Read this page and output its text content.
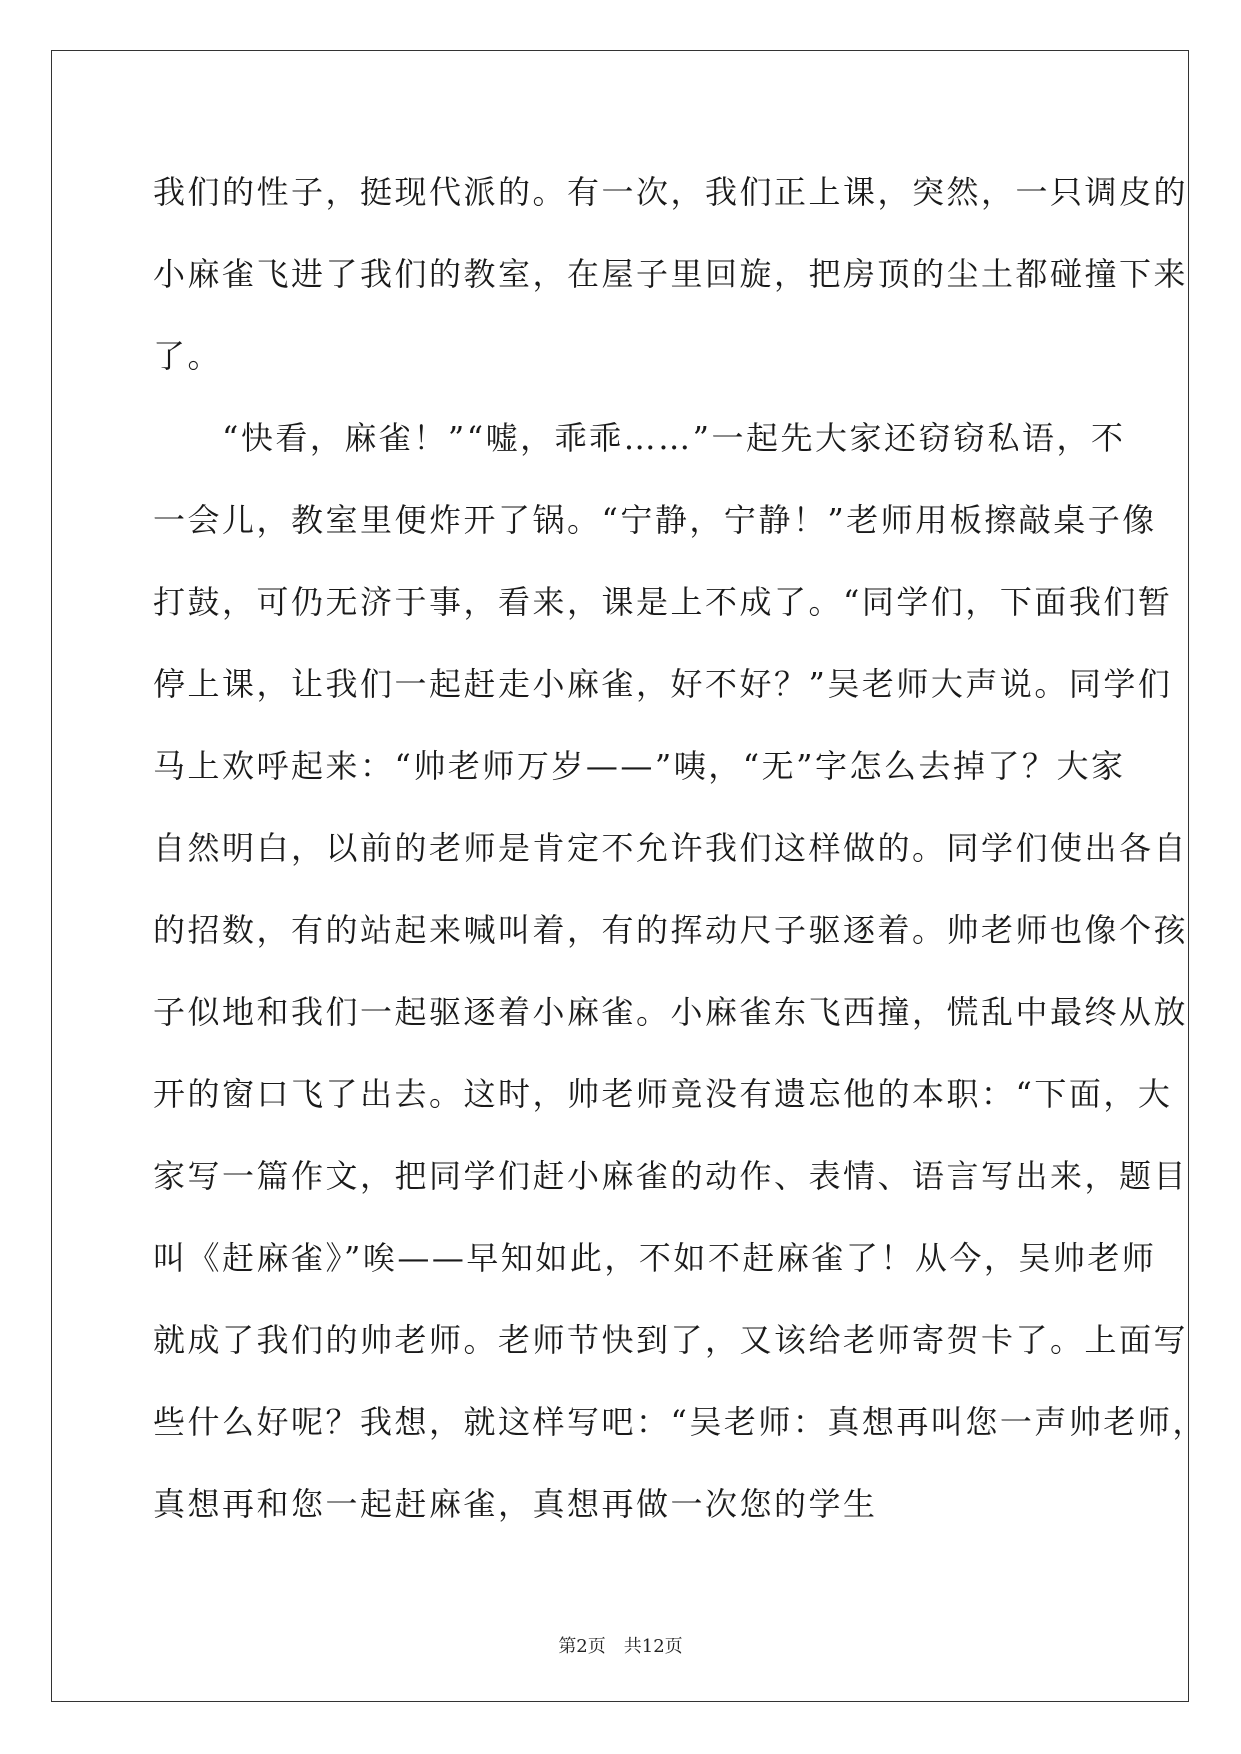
我们的性子，挺现代派的。有一次，我们正上课，突然，一只调皮的
小麻雀飞进了我们的教室，在屋子里回旋，把房顶的尘土都碰撞下来
了。
　　“快看，麻雀！”“嘘，乖乖……”一起先大家还窃窃私语，不
一会儿，教室里便炸开了锅。“宁静，宁静！”老师用板擦敲桌子像
打鼓，可仍无济于事，看来，课是上不成了。“同学们，下面我们暂
停上课，让我们一起赶走小麻雀，好不好？”吴老师大声说。同学们
马上欢呼起来：“帅老师万岁——”咦，“无”字怎么去掉了？大家
自然明白，以前的老师是肯定不允许我们这样做的。同学们使出各自
的招数，有的站起来喊叫着，有的挥动尺子驱逐着。帅老师也像个孩
子似地和我们一起驱逐着小麻雀。小麻雀东飞西撞，慌乱中最终从放
开的窗口飞了出去。这时，帅老师竟没有遗忘他的本职：“下面，大
家写一篇作文，把同学们赶小麻雀的动作、表情、语言写出来，题目
叫《赶麻雀》”唉——早知如此，不如不赶麻雀了！从今，吴帅老师
就成了我们的帅老师。老师节快到了，又该给老师寄贺卡了。上面写
些什么好呢？我想，就这样写吧：“吴老师：真想再叫您一声帅老师，
真想再和您一起赶麻雀，真想再做一次您的学生
第2页　共12页
